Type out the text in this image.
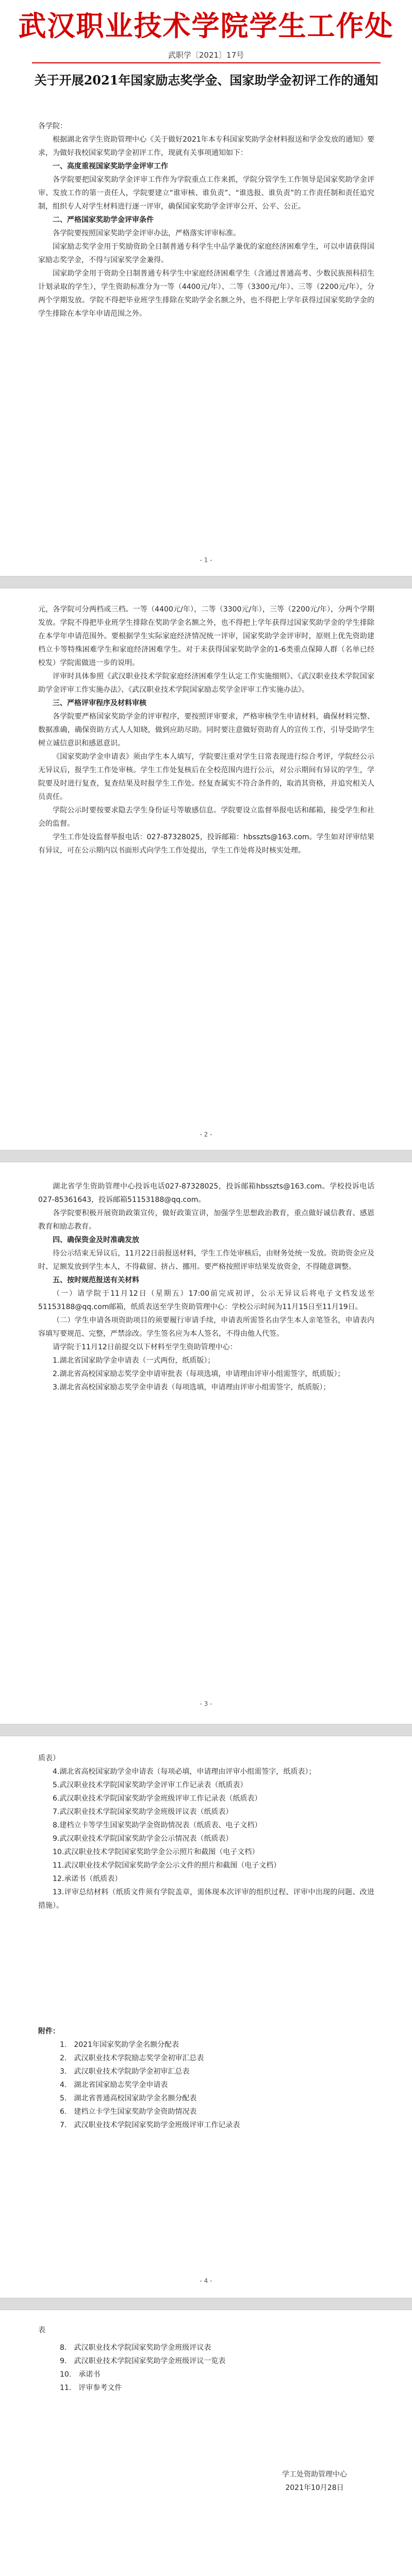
武汉职业技术学院学生工作处
武职学〔2021〕17号
关于开展2021年国家励志奖学金、国家助学金初评工作的通知

各学院：

根据湖北省学生资助管理中心《关于做好2021年本专科国家奖助学金材料报送和学金发放的通知》要求，为做好我校国家奖助学金初评工作，现就有关事项通知如下：

一、高度重视国家奖助学金评审工作

各学院要把国家奖助学金评审工作作为学院重点工作来抓，学院分管学生工作领导是国家奖助学金评审、发放工作的第一责任人，学院要建立“谁审核、谁负责”、“谁选报、谁负责”的工作责任制和责任追究制，组织专人对学生材料进行逐一评审，确保国家奖助学金评审公开、公平、公正。

二、严格国家奖助学金评审条件

各学院要按照国家奖助学金评审办法，严格落实评审标准。

国家励志奖学金用于奖励资助全日制普通专科学生中品学兼优的家庭经济困难学生，可以申请获得国家励志奖学金，不得与国家奖学金兼得。

国家助学金用于资助全日制普通专科学生中家庭经济困难学生（含通过普通高考、少数民族预科招生计划录取的学生），学生资助标准分为一等（4400元/年）、二等（3300元/年）、三等（2200元/年），分两个学期发放。学院不得把毕业班学生排除在奖助学金名额之外，也不得把上学年获得过国家奖助学金的学生排除在本学年申请范围之外。

- 1 -

元，各学院可分两档或三档。一等（4400元/年），二等（3300元/年），三等（2200元/年），分两个学期发放。学院不得把毕业班学生排除在奖助学金名额之外，也不得把上学年获得过国家奖助学金的学生排除在本学年申请范围外。要根据学生实际家庭经济情况统一评审，国家奖助学金评审时，原则上优先资助建档立卡等特殊困难学生和家庭经济困难学生。对于未获得国家奖助学金的1-6类重点保障人群（名单已经校发）学院需做进一步的说明。

评审时具体参照《武汉职业技术学院家庭经济困难学生认定工作实施细则》、《武汉职业技术学院国家助学金评审工作实施办法》、《武汉职业技术学院国家励志奖学金评审工作实施办法》。

三、严格评审程序及材料审核

各学院要严格国家奖助学金的评审程序，要按照评审要求，严格审核学生申请材料，确保材料完整、数据准确，确保资助方式人人知晓，做到应助尽助。同时要注意做好资助育人的宣传工作，引导受助学生树立诚信意识和感恩意识。

《国家奖助学金申请表》须由学生本人填写，学院要注重对学生日常表现进行综合考评，学院经公示无异议后，报学生工作处审核。学生工作处复核后在全校范围内进行公示，对公示期间有异议的学生，学院要及时进行复查，复查结果及时报学生工作处。经复查属实不符合条件的，取消其资格，并追究相关人员责任。

学院公示时要按要求隐去学生身份证号等敏感信息。学院要设立监督举报电话和邮箱，接受学生和社会的监督。

学生工作处设监督举报电话：027-87328025，投诉邮箱：hbsszts@163.com。学生如对评审结果有异议，可在公示期内以书面形式向学生工作处提出，学生工作处将及时核实处理。

- 2 -

湖北省学生资助管理中心投诉电话027-87328025，投诉邮箱hbsszts@163.com。学校投诉电话027-85361643，投诉邮箱51153188@qq.com。

各学院要积极开展资助政策宣传，做好政策宣讲，加强学生思想政治教育，重点做好诚信教育、感恩教育和励志教育。

四、确保资金及时准确发放

待公示结束无异议后，11月22日前报送材料，学生工作处审核后，由财务处统一发放。资助资金应及时、足额发放到学生本人，不得截留、挤占、挪用。要严格按照评审结果发放资金，不得随意调整。

五、按时规范报送有关材料

（一）请学院于11月12日（星期五）17:00前完成初评，公示无异议后将电子文档发送至51153188@qq.com邮箱，纸质表送至学生资助管理中心：学校公示时间为11月15日至11月19日。

（二）学生申请各项资助项目的须要履行审请手续，申请表所需签名由学生本人亲笔签名，申请表内容填写要规范、完整，严禁涂改。学生签名应为本人签名，不得由他人代签。

请学院于11月12日前提交以下材料至学生资助管理中心：

1.湖北省国家助学金申请表（一式两份，纸质版）；

2.湖北省高校国家励志奖学金申请审批表（每项选填，申请理由评审小组需签字，纸质版）；

3.湖北省高校国家励志奖学金申请表（每项选填，申请理由评审小组需签字，纸质版）；

- 3 -

质表）

4.湖北省高校国家助学金申请表（每项必填，申请理由评审小组需签字，纸质表）；

5.武汉职业技术学院国家奖助学金评审工作记录表（纸质表）

6.武汉职业技术学院国家奖助学金班级评审工作记录表（纸质表）

7.武汉职业技术学院国家奖助学金班级评议表（纸质表）

8.建档立卡等学生国家奖助学金资助情况表（纸质表、电子文档）

9.武汉职业技术学院国家奖助学金公示情况表（纸质表）

10.武汉职业技术学院国家奖助学金公示照片和截图（电子文档）

11.武汉职业技术学院国家奖助学金公示文件的照片和截图（电子文档）

12.承诺书（纸质表）

13.评审总结材料（纸质文件须有学院盖章，需体现本次评审的组织过程、评审中出现的问题、改进措施）。

附件：

1.　2021年国家奖助学金名额分配表

2.　武汉职业技术学院励志奖学金初审汇总表

3.　武汉职业技术学院助学金初审汇总表

4.　湖北省国家励志奖学金申请表

5.　湖北省普通高校国家助学金名额分配表

6.　建档立卡学生国家奖助学金资助情况表

7.　武汉职业技术学院国家奖助学金班级评审工作记录表

- 4 -

表

8.　武汉职业技术学院国家奖助学金班级评议表

9.　武汉职业技术学院国家奖助学金班级评议一览表

10.　承诺书

11.　评审参考文件

学工处资助管理中心
2021年10月28日
